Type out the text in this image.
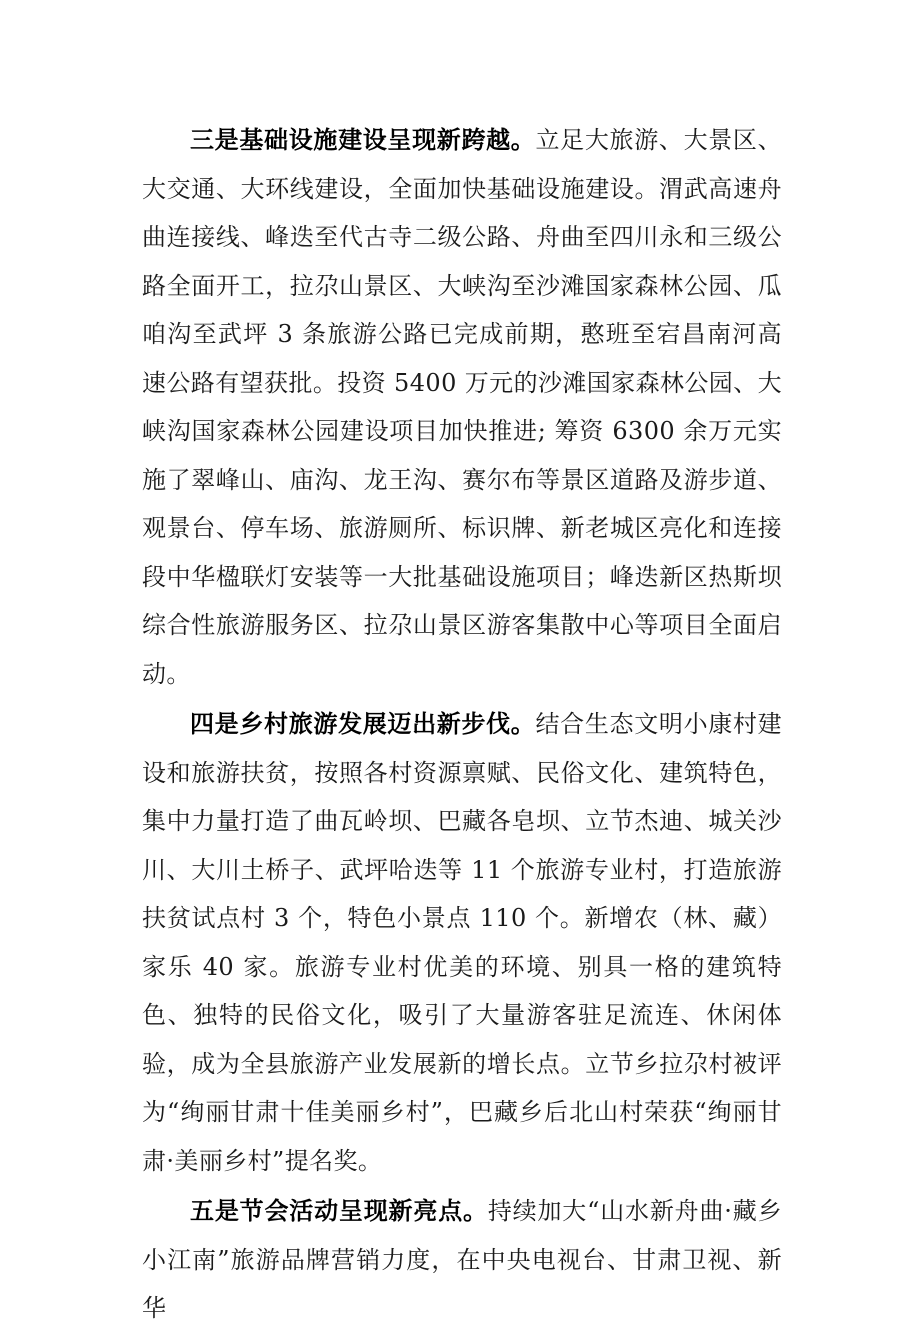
三是基础设施建设呈现新跨越。立足大旅游、大景区、大交通、大环线建设，全面加快基础设施建设。渭武高速舟曲连接线、峰迭至代古寺二级公路、舟曲至四川永和三级公路全面开工，拉尕山景区、大峡沟至沙滩国家森林公园、瓜咱沟至武坪 3 条旅游公路已完成前期，憨班至宕昌南河高速公路有望获批。投资 5400 万元的沙滩国家森林公园、大峡沟国家森林公园建设项目加快推进; 筹资 6300 余万元实施了翠峰山、庙沟、龙王沟、赛尔布等景区道路及游步道、观景台、停车场、旅游厕所、标识牌、新老城区亮化和连接段中华楹联灯安装等一大批基础设施项目；峰迭新区热斯坝综合性旅游服务区、拉尕山景区游客集散中心等项目全面启动。

四是乡村旅游发展迈出新步伐。结合生态文明小康村建设和旅游扶贫，按照各村资源禀赋、民俗文化、建筑特色，集中力量打造了曲瓦岭坝、巴藏各皂坝、立节杰迪、城关沙川、大川土桥子、武坪哈迭等 11 个旅游专业村，打造旅游扶贫试点村 3 个，特色小景点 110 个。新增农（林、藏）家乐 40 家。旅游专业村优美的环境、别具一格的建筑特色、独特的民俗文化，吸引了大量游客驻足流连、休闲体验，成为全县旅游产业发展新的增长点。立节乡拉尕村被评为“绚丽甘肃十佳美丽乡村”，巴藏乡后北山村荣获“绚丽甘肃·美丽乡村”提名奖。

五是节会活动呈现新亮点。持续加大“山水新舟曲·藏乡小江南”旅游品牌营销力度，在中央电视台、甘肃卫视、新华
